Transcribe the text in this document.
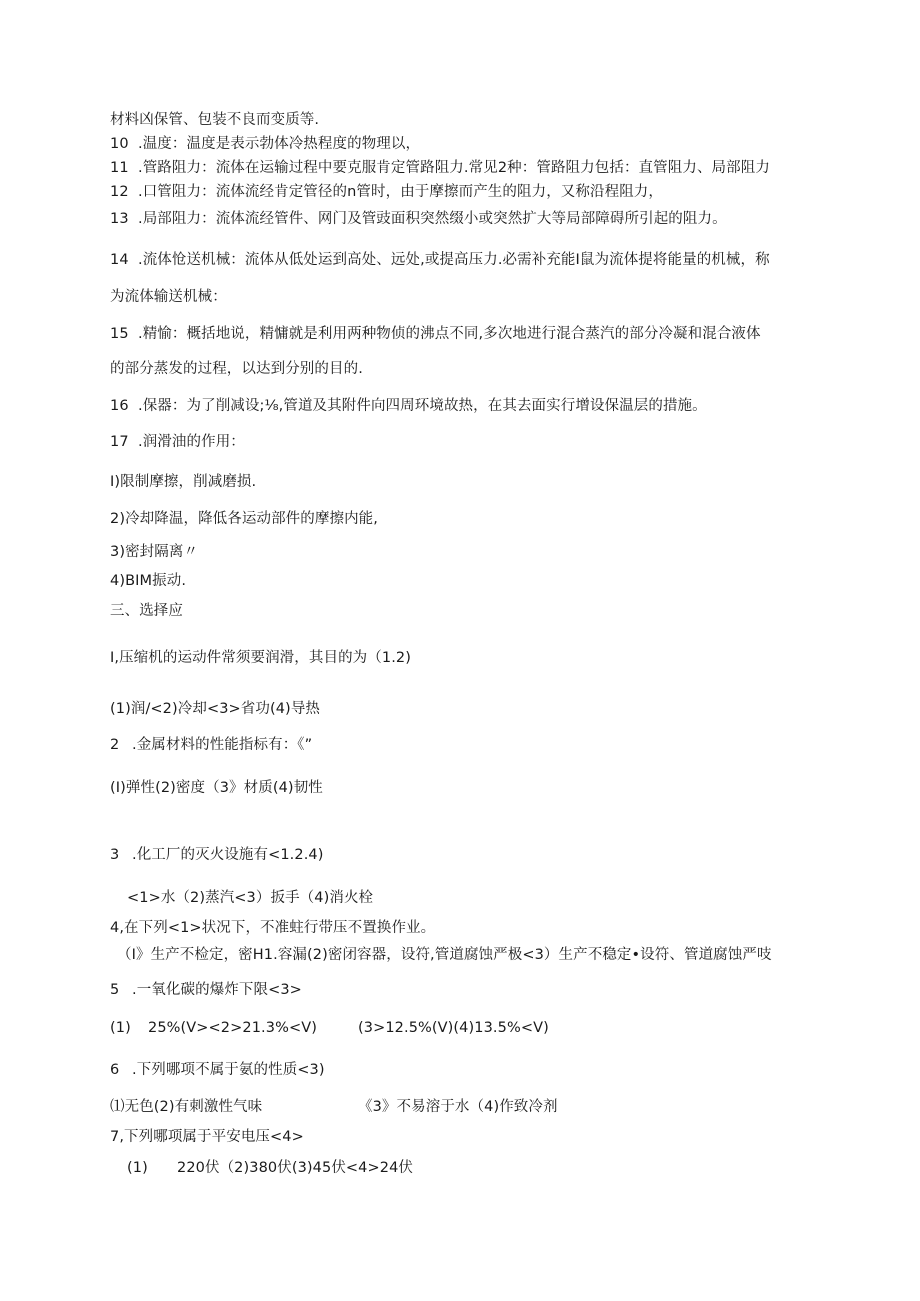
材料凶保管、包装不良而变质等.
10 .温度：温度是表示勃体冷热程度的物理以，
11 .管路阻力：流体在运输过程中要克服肯定管路阻力.常见2种：管路阻力包括：直管阻力、局部阻力
12 .口管阻力：流体流经肯定管径的n管时，由于摩擦而产生的阻力，又称沿程阻力，
13 .局部阻力：流体流经管件、网门及管豉面积突然缀小或突然扩大等局部障碍所引起的阻力。
14 .流体怆送机械：流体从低处运到高处、远处,或提高压力.必需补充能I鼠为流体提将能量的机械，称
为流体输送机械：
15 .精愉：概括地说，精慵就是利用两种物侦的沸点不同,多次地进行混合蒸汽的部分冷凝和混合液体
的部分蒸发的过程，以达到分别的目的.
16 .保器：为了削减设;⅛,管道及其附件向四周环境故热，在其去面实行增设保温层的措施。
17 .润滑油的作用：
I)限制摩擦，削减磨损.
2)冷却降温，降低各运动部件的摩擦内能,
3)密封隔离〃
4)BIM振动.
三、选择应
I,压缩机的运动件常须要润滑，其目的为（1.2)
(1)润/<2)冷却<3>省功(4)导热
2 .金属材料的性能指标有：《”
(I)弹性(2)密度（3》材质(4)韧性
3 .化工厂的灭火设施有<1.2.4)
<1>水（2)蒸汽<3）扳手（4)消火栓
4,在下列<1>状况下，不准蛀行带压不置换作业。
（I》生产不检定，密H1.容漏(2)密闭容器，设符,管道腐蚀严极<3）生产不稳定•设符、管道腐蚀严吱
5 .一氧化碳的爆炸下限<3>
(1) 25%(V><2>21.3%<V)	(3>12.5%(V)(4)13.5%<V)
6 .下列哪项不属于氨的性质<3)
⑴无色(2)有刺激性气味	《3》不易溶于水（4)作致冷剂
7,下列哪项属于平安电压<4>
(1) 220伏（2)380伏(3)45伏<4>24伏
